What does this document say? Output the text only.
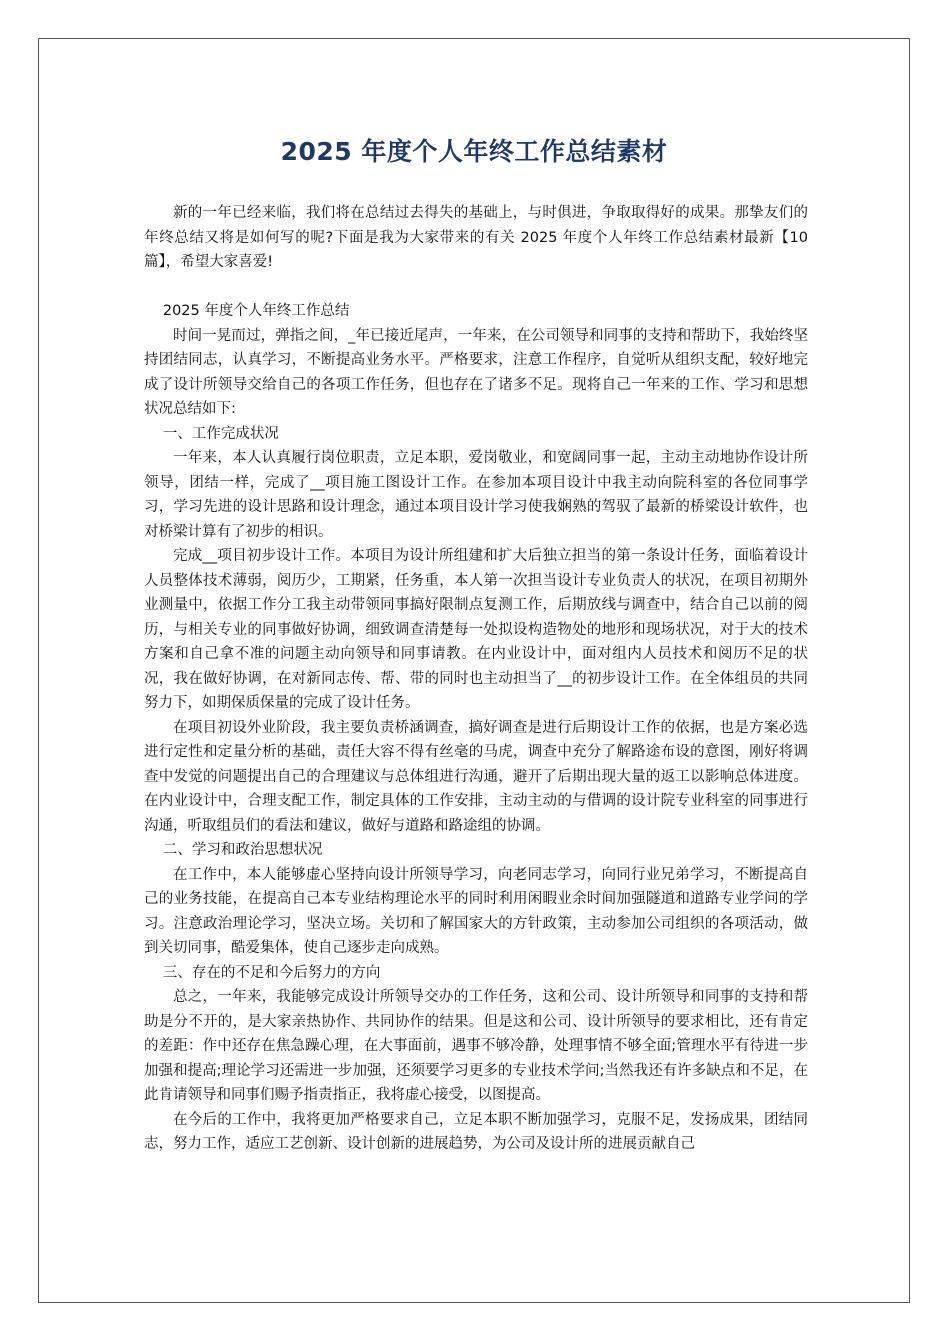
2025 年度个人年终工作总结素材

新的一年已经来临，我们将在总结过去得失的基础上，与时俱进，争取取得好的成果。那挚友们的年终总结又将是如何写的呢?下面是我为大家带来的有关 2025 年度个人年终工作总结素材最新【10 篇】，希望大家喜爱!

2025 年度个人年终工作总结

时间一晃而过，弹指之间，_年已接近尾声，一年来，在公司领导和同事的支持和帮助下，我始终坚持团结同志，认真学习，不断提高业务水平。严格要求，注意工作程序，自觉听从组织支配，较好地完成了设计所领导交给自己的各项工作任务，但也存在了诸多不足。现将自己一年来的工作、学习和思想状况总结如下:

一、工作完成状况

一年来，本人认真履行岗位职责，立足本职，爱岗敬业，和宽阔同事一起，主动主动地协作设计所领导，团结一样，完成了__项目施工图设计工作。在参加本项目设计中我主动向院科室的各位同事学习，学习先进的设计思路和设计理念，通过本项目设计学习使我娴熟的驾驭了最新的桥梁设计软件，也对桥梁计算有了初步的相识。

完成__项目初步设计工作。本项目为设计所组建和扩大后独立担当的第一条设计任务，面临着设计人员整体技术薄弱，阅历少，工期紧，任务重，本人第一次担当设计专业负责人的状况，在项目初期外业测量中，依据工作分工我主动带领同事搞好限制点复测工作，后期放线与调查中，结合自己以前的阅历，与相关专业的同事做好协调，细致调查清楚每一处拟设构造物处的地形和现场状况，对于大的技术方案和自己拿不准的问题主动向领导和同事请教。在内业设计中，面对组内人员技术和阅历不足的状况，我在做好协调，在对新同志传、帮、带的同时也主动担当了__的初步设计工作。在全体组员的共同努力下，如期保质保量的完成了设计任务。

在项目初设外业阶段，我主要负责桥涵调查，搞好调查是进行后期设计工作的依据，也是方案必选进行定性和定量分析的基础，责任大容不得有丝毫的马虎，调查中充分了解路途布设的意图，刚好将调查中发觉的问题提出自己的合理建议与总体组进行沟通，避开了后期出现大量的返工以影响总体进度。在内业设计中，合理支配工作，制定具体的工作安排，主动主动的与借调的设计院专业科室的同事进行沟通，听取组员们的看法和建议，做好与道路和路途组的协调。

二、学习和政治思想状况

在工作中，本人能够虚心坚持向设计所领导学习，向老同志学习，向同行业兄弟学习，不断提高自己的业务技能，在提高自己本专业结构理论水平的同时利用闲暇业余时间加强隧道和道路专业学问的学习。注意政治理论学习，坚决立场。关切和了解国家大的方针政策，主动参加公司组织的各项活动，做到关切同事，酷爱集体，使自己逐步走向成熟。

三、存在的不足和今后努力的方向

总之，一年来，我能够完成设计所领导交办的工作任务，这和公司、设计所领导和同事的支持和帮助是分不开的，是大家亲热协作、共同协作的结果。但是这和公司、设计所领导的要求相比，还有肯定的差距：作中还存在焦急躁心理，在大事面前，遇事不够冷静，处理事情不够全面;管理水平有待进一步加强和提高;理论学习还需进一步加强，还须要学习更多的专业技术学问;当然我还有许多缺点和不足，在此肯请领导和同事们赐予指责指正，我将虚心接受，以图提高。

在今后的工作中，我将更加严格要求自己，立足本职不断加强学习，克服不足，发扬成果，团结同志，努力工作，适应工艺创新、设计创新的进展趋势，为公司及设计所的进展贡献自己
